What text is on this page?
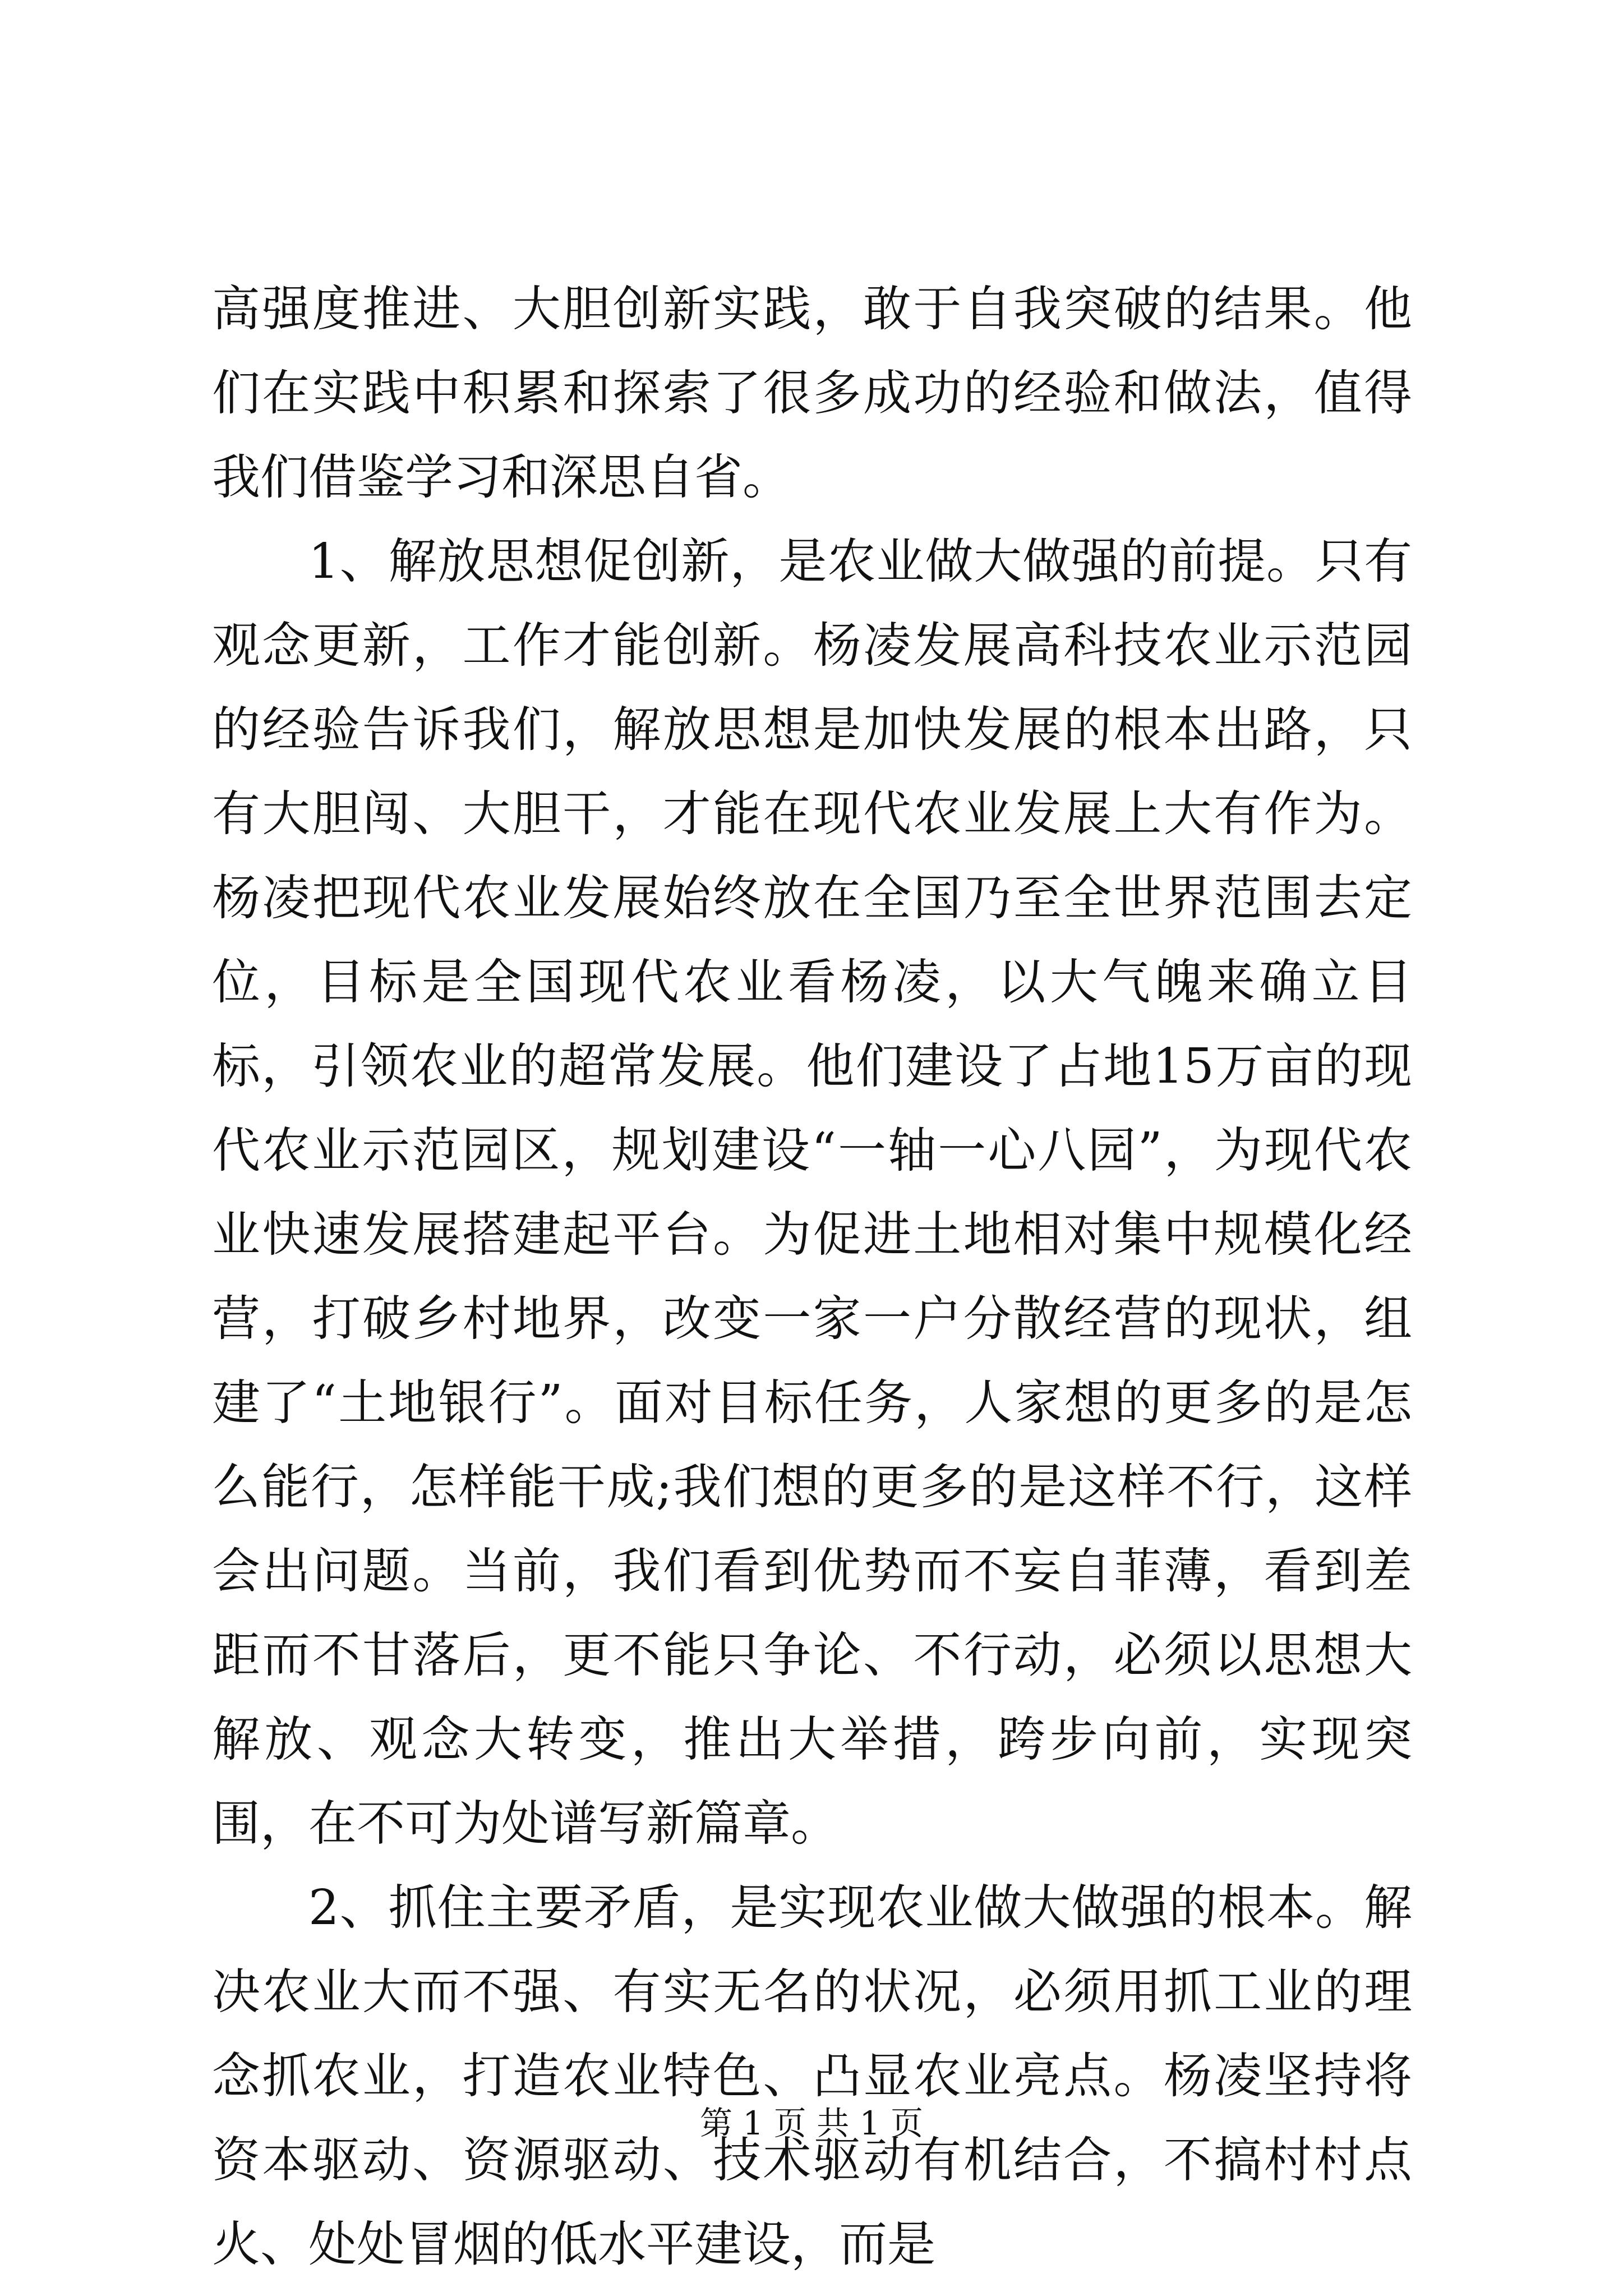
高强度推进、大胆创新实践，敢于自我突破的结果。他们在实践中积累和探索了很多成功的经验和做法，值得我们借鉴学习和深思自省。

1、解放思想促创新，是农业做大做强的前提。只有观念更新，工作才能创新。杨凌发展高科技农业示范园的经验告诉我们，解放思想是加快发展的根本出路，只有大胆闯、大胆干，才能在现代农业发展上大有作为。杨凌把现代农业发展始终放在全国乃至全世界范围去定位，目标是全国现代农业看杨凌，以大气魄来确立目标，引领农业的超常发展。他们建设了占地15万亩的现代农业示范园区，规划建设“一轴一心八园”，为现代农业快速发展搭建起平台。为促进土地相对集中规模化经营，打破乡村地界，改变一家一户分散经营的现状，组建了“土地银行”。面对目标任务，人家想的更多的是怎么能行，怎样能干成;我们想的更多的是这样不行，这样会出问题。当前，我们看到优势而不妄自菲薄，看到差距而不甘落后，更不能只争论、不行动，必须以思想大解放、观念大转变，推出大举措，跨步向前，实现突围，在不可为处谱写新篇章。

2、抓住主要矛盾，是实现农业做大做强的根本。解决农业大而不强、有实无名的状况，必须用抓工业的理念抓农业，打造农业特色、凸显农业亮点。杨凌坚持将资本驱动、资源驱动、技术驱动有机结合，不搞村村点火、处处冒烟的低水平建设，而是

第 1 页 共 1 页
